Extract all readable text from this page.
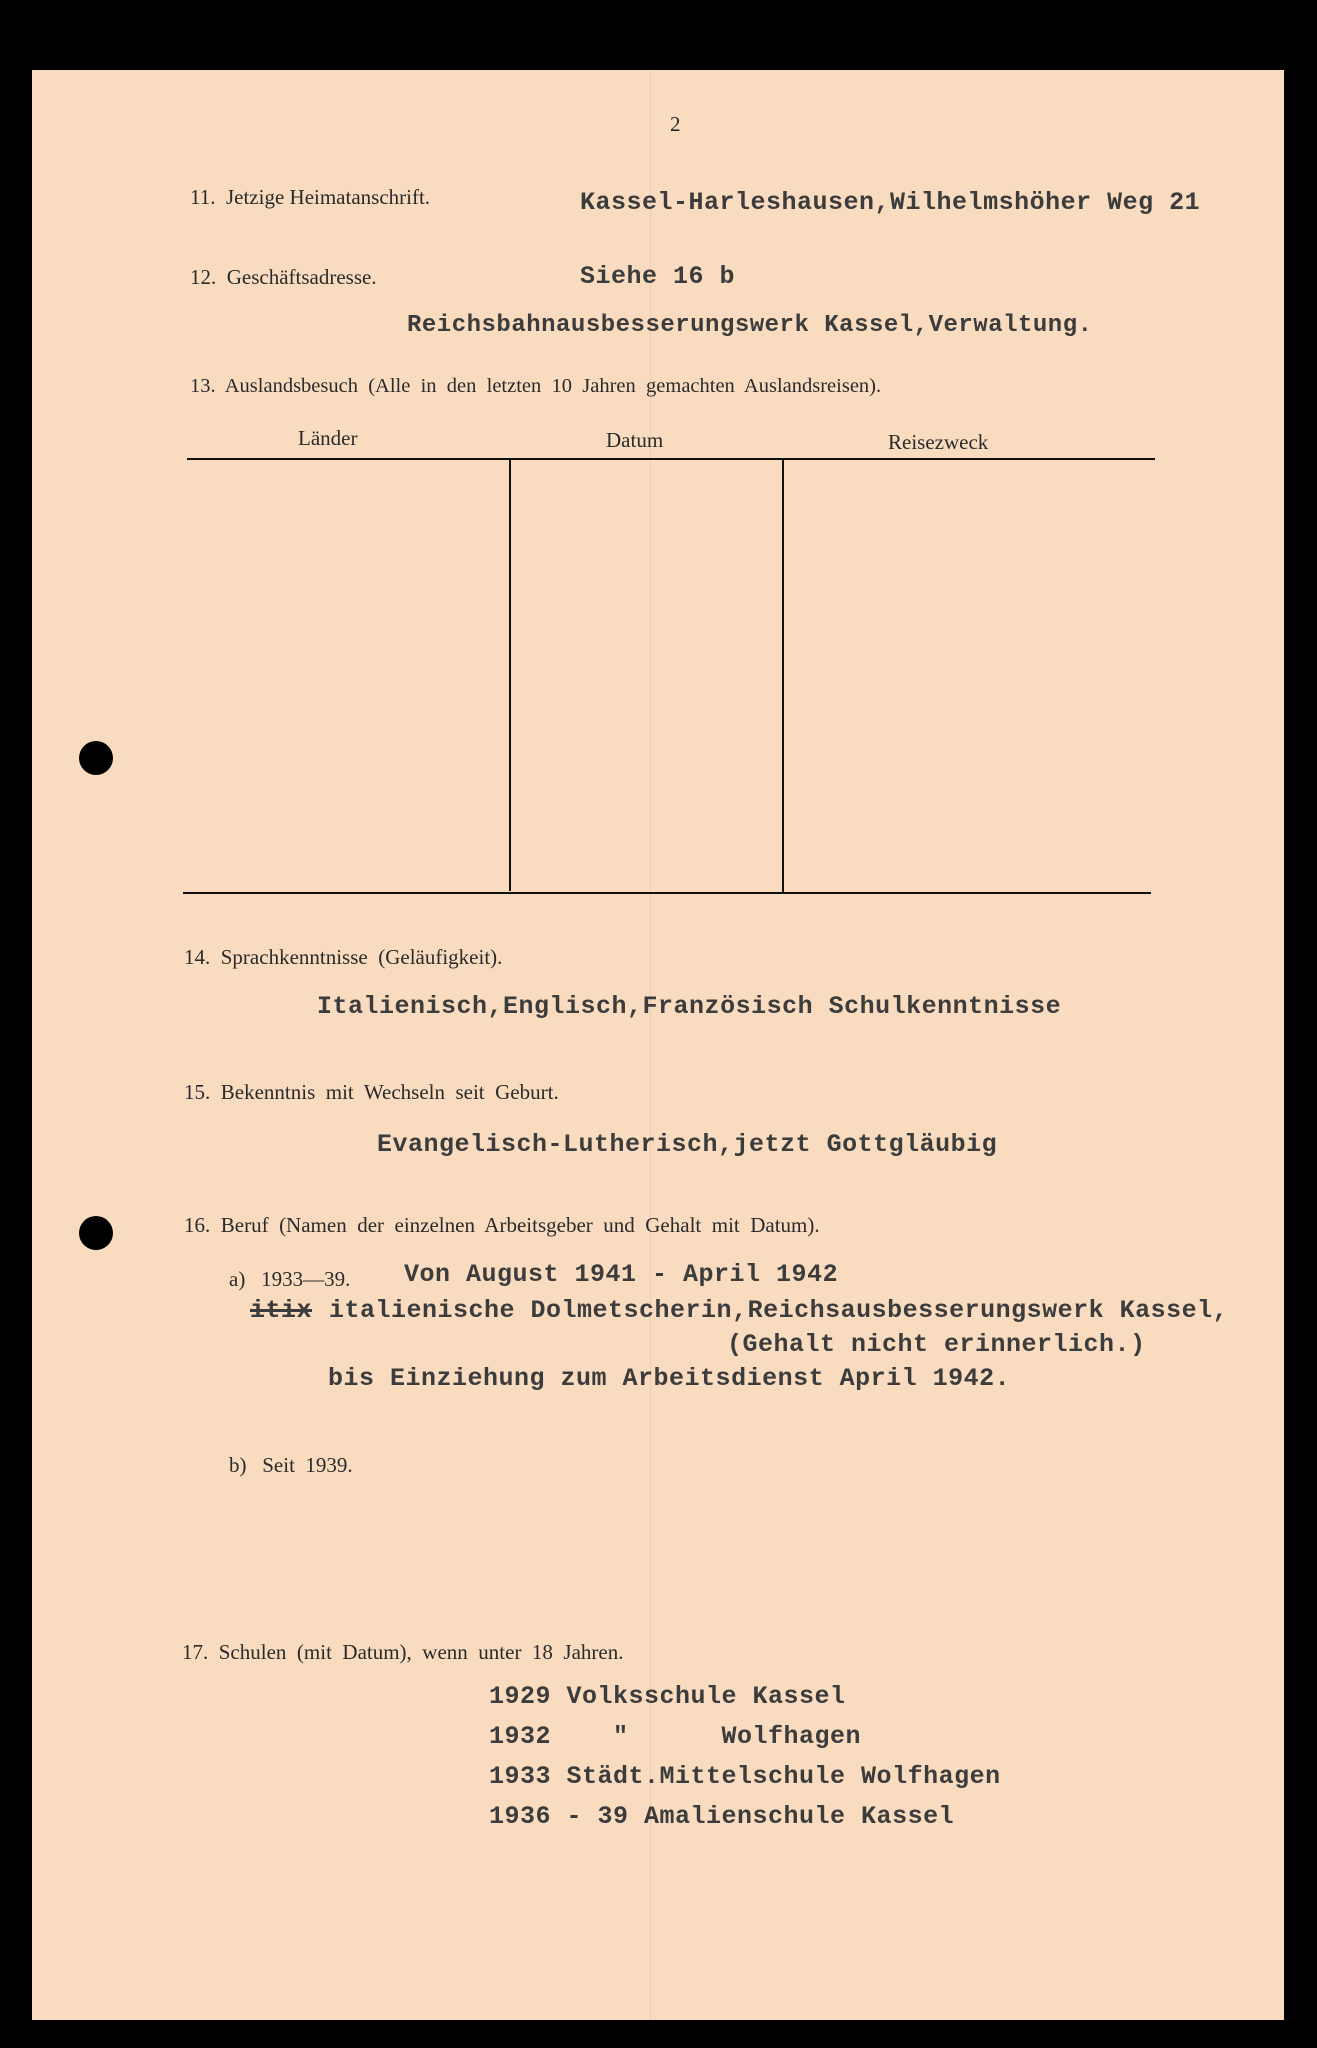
2
11.  Jetzige Heimatanschrift.	Kassel-Harleshausen,Wilhelmshöher Weg 21
12.  Geschäftsadresse.	Siehe 16 b
Reichsbahnausbesserungswerk Kassel,Verwaltung.
13.  Auslandsbesuch  (Alle  in  den  letzten  10  Jahren  gemachten  Auslandsreisen).
Länder	Datum	Reisezweck
14.  Sprachkenntnisse  (Geläufigkeit).
Italienisch,Englisch,Französisch Schulkenntnisse
15.  Bekenntnis  mit  Wechseln  seit  Geburt.
Evangelisch-Lutherisch,jetzt Gottgläubig
16.  Beruf  (Namen  der  einzelnen  Arbeitsgeber  und  Gehalt  mit  Datum).
a)   1933—39. Von August 1941 - April 1942
itix italienische Dolmetscherin,Reichsausbesserungswerk Kassel,
(Gehalt nicht erinnerlich.)
bis Einziehung zum Arbeitsdienst April 1942.
b)   Seit  1939.
17.  Schulen  (mit  Datum),  wenn  unter  18  Jahren.
1929 Volksschule Kassel
1932    "      Wolfhagen
1933 Städt.Mittelschule Wolfhagen
1936 - 39 Amalienschule Kassel
